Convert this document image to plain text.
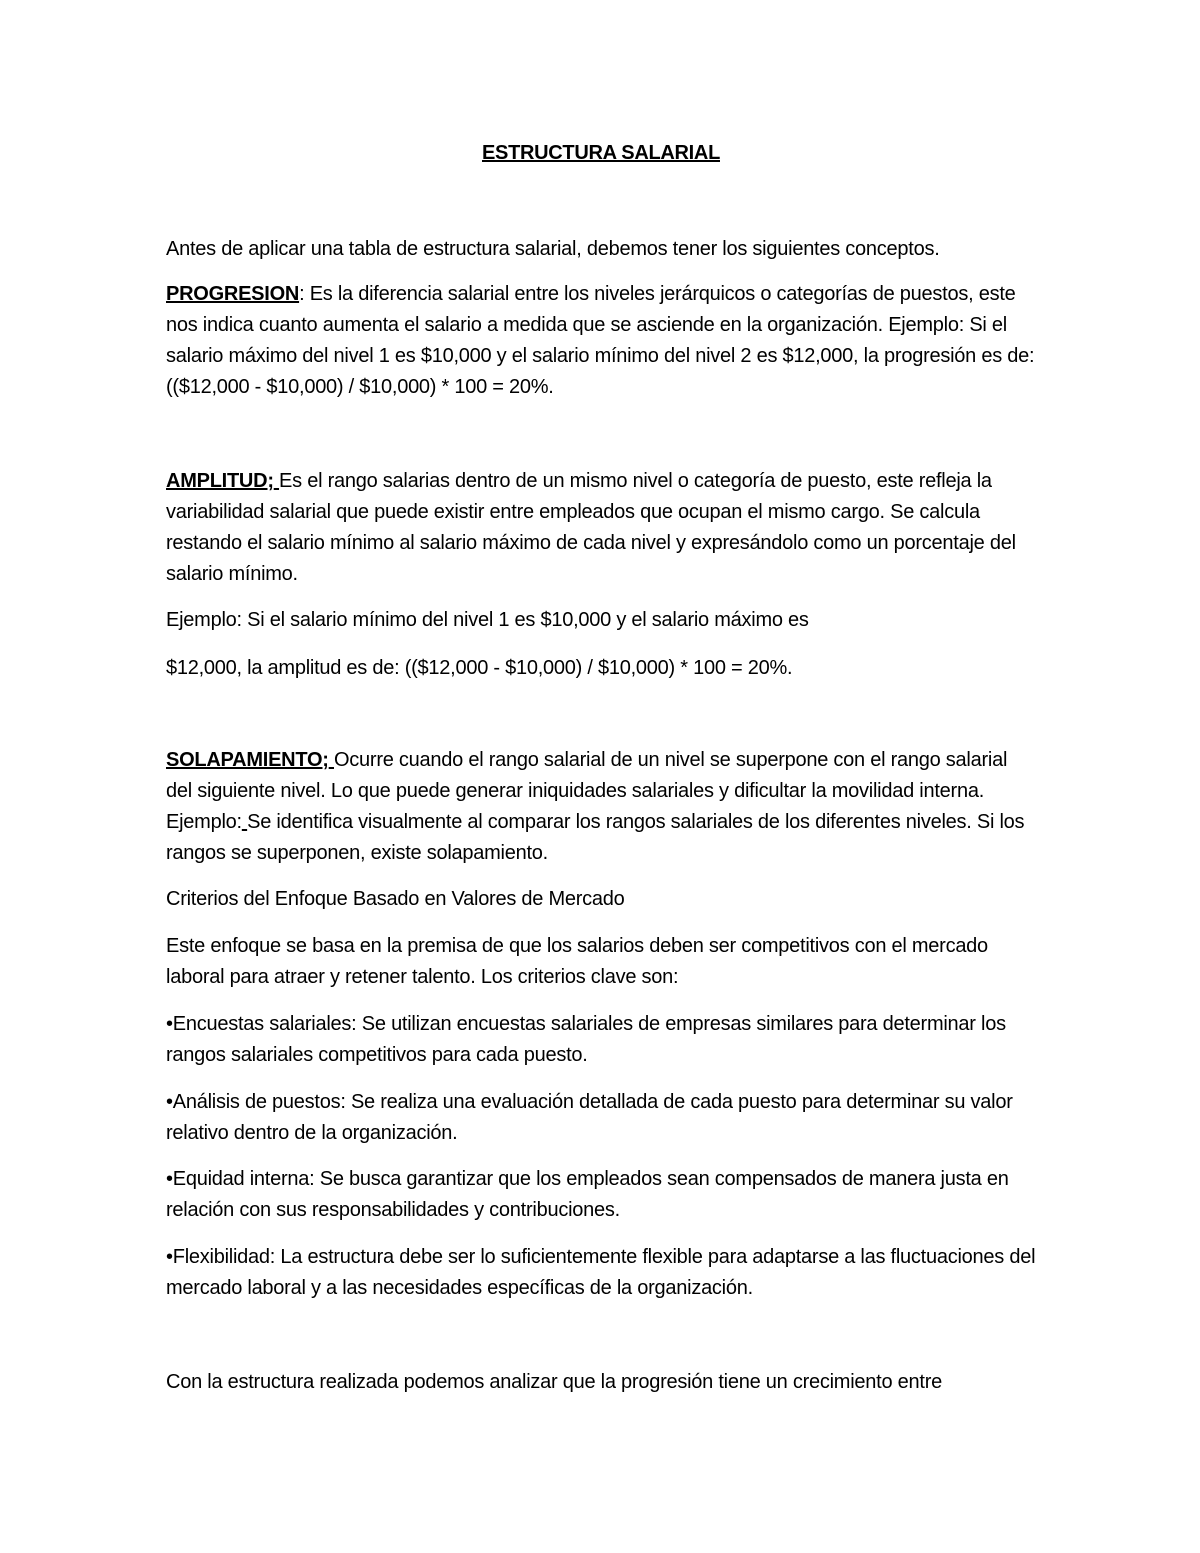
ESTRUCTURA SALARIAL

Antes de aplicar una tabla de estructura salarial, debemos tener los siguientes conceptos.

PROGRESION: Es la diferencia salarial entre los niveles jerárquicos o categorías de puestos, este nos indica cuanto aumenta el salario a medida que se asciende en la organización. Ejemplo: Si el salario máximo del nivel 1 es $10,000 y el salario mínimo del nivel 2 es $12,000, la progresión es de: (($12,000 - $10,000) / $10,000) * 100 = 20%.

AMPLITUD; Es el rango salarias dentro de un mismo nivel o categoría de puesto, este refleja la variabilidad salarial que puede existir entre empleados que ocupan el mismo cargo. Se calcula restando el salario mínimo al salario máximo de cada nivel y expresándolo como un porcentaje del salario mínimo.

Ejemplo: Si el salario mínimo del nivel 1 es $10,000 y el salario máximo es

$12,000, la amplitud es de: (($12,000 - $10,000) / $10,000) * 100 = 20%.

SOLAPAMIENTO; Ocurre cuando el rango salarial de un nivel se superpone con el rango salarial del siguiente nivel. Lo que puede generar iniquidades salariales y dificultar la movilidad interna. Ejemplo: Se identifica visualmente al comparar los rangos salariales de los diferentes niveles. Si los rangos se superponen, existe solapamiento.

Criterios del Enfoque Basado en Valores de Mercado

Este enfoque se basa en la premisa de que los salarios deben ser competitivos con el mercado laboral para atraer y retener talento. Los criterios clave son:

•Encuestas salariales: Se utilizan encuestas salariales de empresas similares para determinar los rangos salariales competitivos para cada puesto.

•Análisis de puestos: Se realiza una evaluación detallada de cada puesto para determinar su valor relativo dentro de la organización.

•Equidad interna: Se busca garantizar que los empleados sean compensados de manera justa en relación con sus responsabilidades y contribuciones.

•Flexibilidad: La estructura debe ser lo suficientemente flexible para adaptarse a las fluctuaciones del mercado laboral y a las necesidades específicas de la organización.

Con la estructura realizada podemos analizar que la progresión tiene un crecimiento entre
